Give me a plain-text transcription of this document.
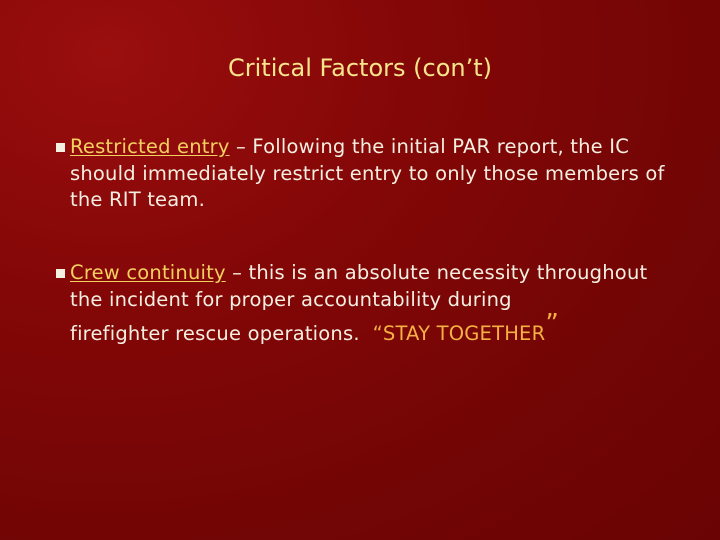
Critical Factors (con’t)
Restricted entry – Following the initial PAR report, the IC should immediately restrict entry to only those members of the RIT team.
Crew continuity – this is an absolute necessity throughout the incident for proper accountability during
firefighter rescue operations. “STAY TOGETHER”
